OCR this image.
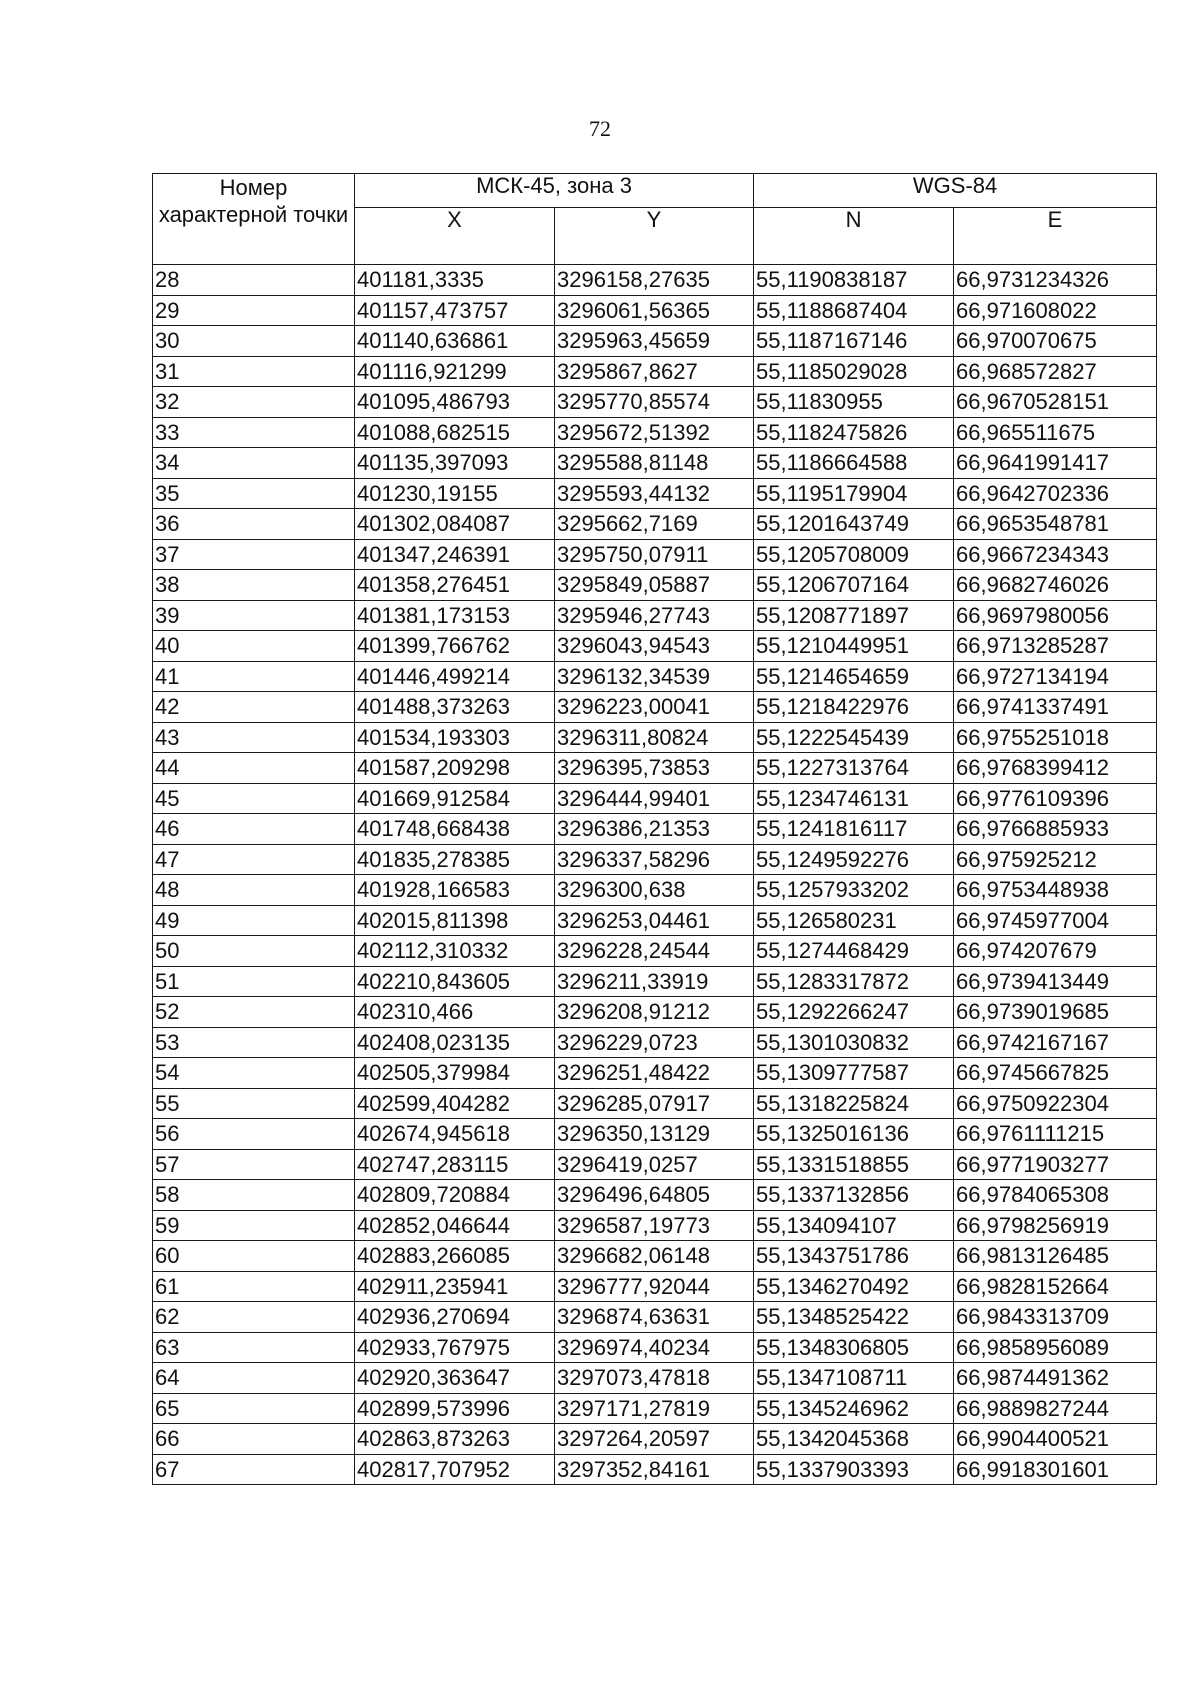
72
Номер характерной точки	МСК-45, зона 3		WGS-84	
	X	Y	N	E
28	401181,3335	3296158,27635	55,1190838187	66,9731234326
29	401157,473757	3296061,56365	55,1188687404	66,971608022
30	401140,636861	3295963,45659	55,1187167146	66,970070675
31	401116,921299	3295867,8627	55,1185029028	66,968572827
32	401095,486793	3295770,85574	55,11830955	66,9670528151
33	401088,682515	3295672,51392	55,1182475826	66,965511675
34	401135,397093	3295588,81148	55,1186664588	66,9641991417
35	401230,19155	3295593,44132	55,1195179904	66,9642702336
36	401302,084087	3295662,7169	55,1201643749	66,9653548781
37	401347,246391	3295750,07911	55,1205708009	66,9667234343
38	401358,276451	3295849,05887	55,1206707164	66,9682746026
39	401381,173153	3295946,27743	55,1208771897	66,9697980056
40	401399,766762	3296043,94543	55,1210449951	66,9713285287
41	401446,499214	3296132,34539	55,1214654659	66,9727134194
42	401488,373263	3296223,00041	55,1218422976	66,9741337491
43	401534,193303	3296311,80824	55,1222545439	66,9755251018
44	401587,209298	3296395,73853	55,1227313764	66,9768399412
45	401669,912584	3296444,99401	55,1234746131	66,9776109396
46	401748,668438	3296386,21353	55,1241816117	66,9766885933
47	401835,278385	3296337,58296	55,1249592276	66,975925212
48	401928,166583	3296300,638	55,1257933202	66,9753448938
49	402015,811398	3296253,04461	55,126580231	66,9745977004
50	402112,310332	3296228,24544	55,1274468429	66,974207679
51	402210,843605	3296211,33919	55,1283317872	66,9739413449
52	402310,466	3296208,91212	55,1292266247	66,9739019685
53	402408,023135	3296229,0723	55,1301030832	66,9742167167
54	402505,379984	3296251,48422	55,1309777587	66,9745667825
55	402599,404282	3296285,07917	55,1318225824	66,9750922304
56	402674,945618	3296350,13129	55,1325016136	66,9761111215
57	402747,283115	3296419,0257	55,1331518855	66,9771903277
58	402809,720884	3296496,64805	55,1337132856	66,9784065308
59	402852,046644	3296587,19773	55,134094107	66,9798256919
60	402883,266085	3296682,06148	55,1343751786	66,9813126485
61	402911,235941	3296777,92044	55,1346270492	66,9828152664
62	402936,270694	3296874,63631	55,1348525422	66,9843313709
63	402933,767975	3296974,40234	55,1348306805	66,9858956089
64	402920,363647	3297073,47818	55,1347108711	66,9874491362
65	402899,573996	3297171,27819	55,1345246962	66,9889827244
66	402863,873263	3297264,20597	55,1342045368	66,9904400521
67	402817,707952	3297352,84161	55,1337903393	66,9918301601
